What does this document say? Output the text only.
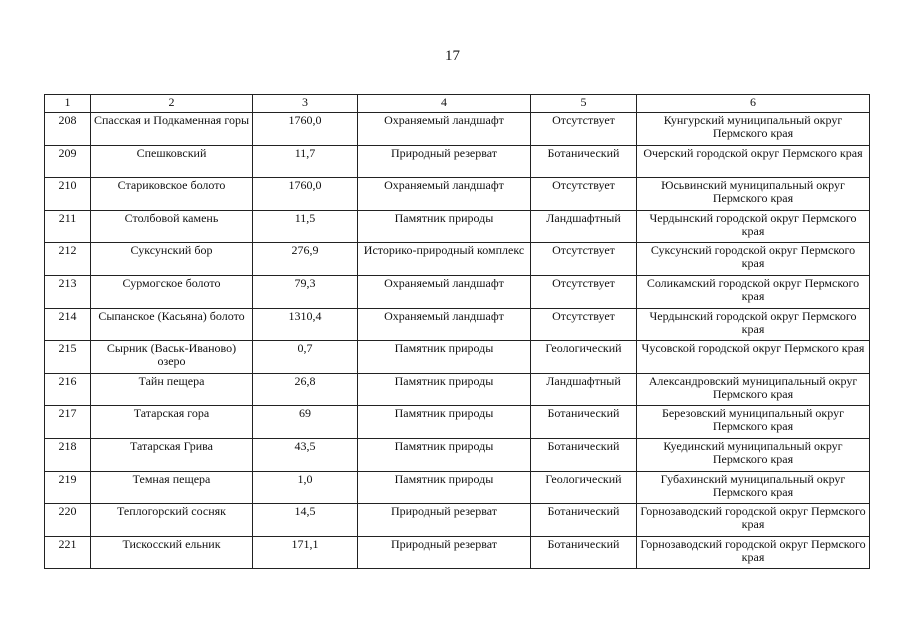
17
1	2	3	4	5	6
208	Спасская и Подкаменная горы	1760,0	Охраняемый ландшафт	Отсутствует	Кунгурский муниципальный округ Пермского края
209	Спешковский	11,7	Природный резерват	Ботанический	Очерский городской округ Пермского края
210	Стариковское болото	1760,0	Охраняемый ландшафт	Отсутствует	Юсьвинский муниципальный округ Пермского края
211	Столбовой камень	11,5	Памятник природы	Ландшафтный	Чердынский городской округ Пермского края
212	Суксунский бор	276,9	Историко-природный комплекс	Отсутствует	Суксунский городской округ Пермского края
213	Сурмогское болото	79,3	Охраняемый ландшафт	Отсутствует	Соликамский городской округ Пермского края
214	Сыпанское (Касьяна) болото	1310,4	Охраняемый ландшафт	Отсутствует	Чердынский городской округ Пермского края
215	Сырник (Васьк-Иваново) озеро	0,7	Памятник природы	Геологический	Чусовской городской округ Пермского края
216	Тайн пещера	26,8	Памятник природы	Ландшафтный	Александровский муниципальный округ Пермского края
217	Татарская гора	69	Памятник природы	Ботанический	Березовский муниципальный округ Пермского края
218	Татарская Грива	43,5	Памятник природы	Ботанический	Куединский муниципальный округ Пермского края
219	Темная пещера	1,0	Памятник природы	Геологический	Губахинский муниципальный округ Пермского края
220	Теплогорский сосняк	14,5	Природный резерват	Ботанический	Горнозаводский городской округ Пермского края
221	Тискосский ельник	171,1	Природный резерват	Ботанический	Горнозаводский городской округ Пермского края
